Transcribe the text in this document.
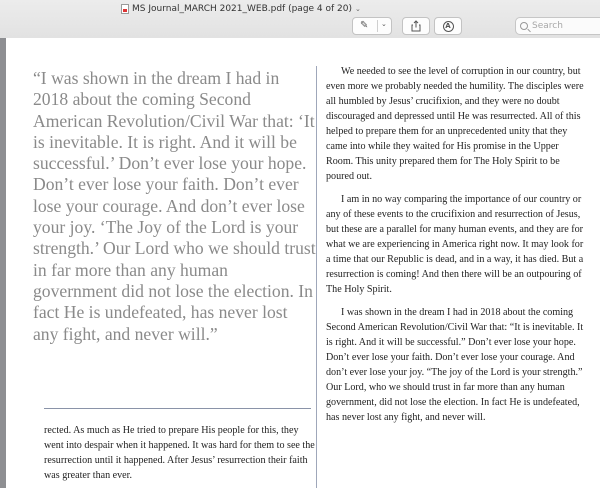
MS Journal_MARCH 2021_WEB.pdf (page 4 of 20) ⌄
✎ ⌄	A
Search

“I was shown in the dream I had in 2018 about the coming Second American Revolution/Civil War that: ‘It is inevitable. It is right. And it will be successful.’ Don’t ever lose your hope. Don’t ever lose your faith. Don’t ever lose your courage. And don’t ever lose your joy. ‘The Joy of the Lord is your strength.’ Our Lord who we should trust in far more than any human government did not lose the election. In fact He is undefeated, has never lost any fight, and never will.”

rected. As much as He tried to prepare His people for this, they went into despair when it happened. It was hard for them to see the resurrection until it happened. After Jesus’ resurrection their faith was greater than ever.

We needed to see the level of corruption in our country, but even more we probably needed the humility. The disciples were all humbled by Jesus’ crucifixion, and they were no doubt discouraged and depressed until He was resurrected. All of this helped to prepare them for an unprecedented unity that they came into while they waited for His promise in the Upper Room. This unity prepared them for The Holy Spirit to be poured out.

I am in no way comparing the importance of our country or any of these events to the crucifixion and resurrection of Jesus, but these are a parallel for many human events, and they are for what we are experiencing in America right now. It may look for a time that our Republic is dead, and in a way, it has died. But a resurrection is coming! And then there will be an outpouring of The Holy Spirit.

I was shown in the dream I had in 2018 about the coming Second American Revolution/Civil War that: “It is inevitable. It is right. And it will be successful.” Don’t ever lose your hope. Don’t ever lose your faith. Don’t ever lose your courage. And don’t ever lose your joy. “The joy of the Lord is your strength.” Our Lord, who we should trust in far more than any human government, did not lose the election. In fact He is undefeated, has never lost any fight, and never will.
